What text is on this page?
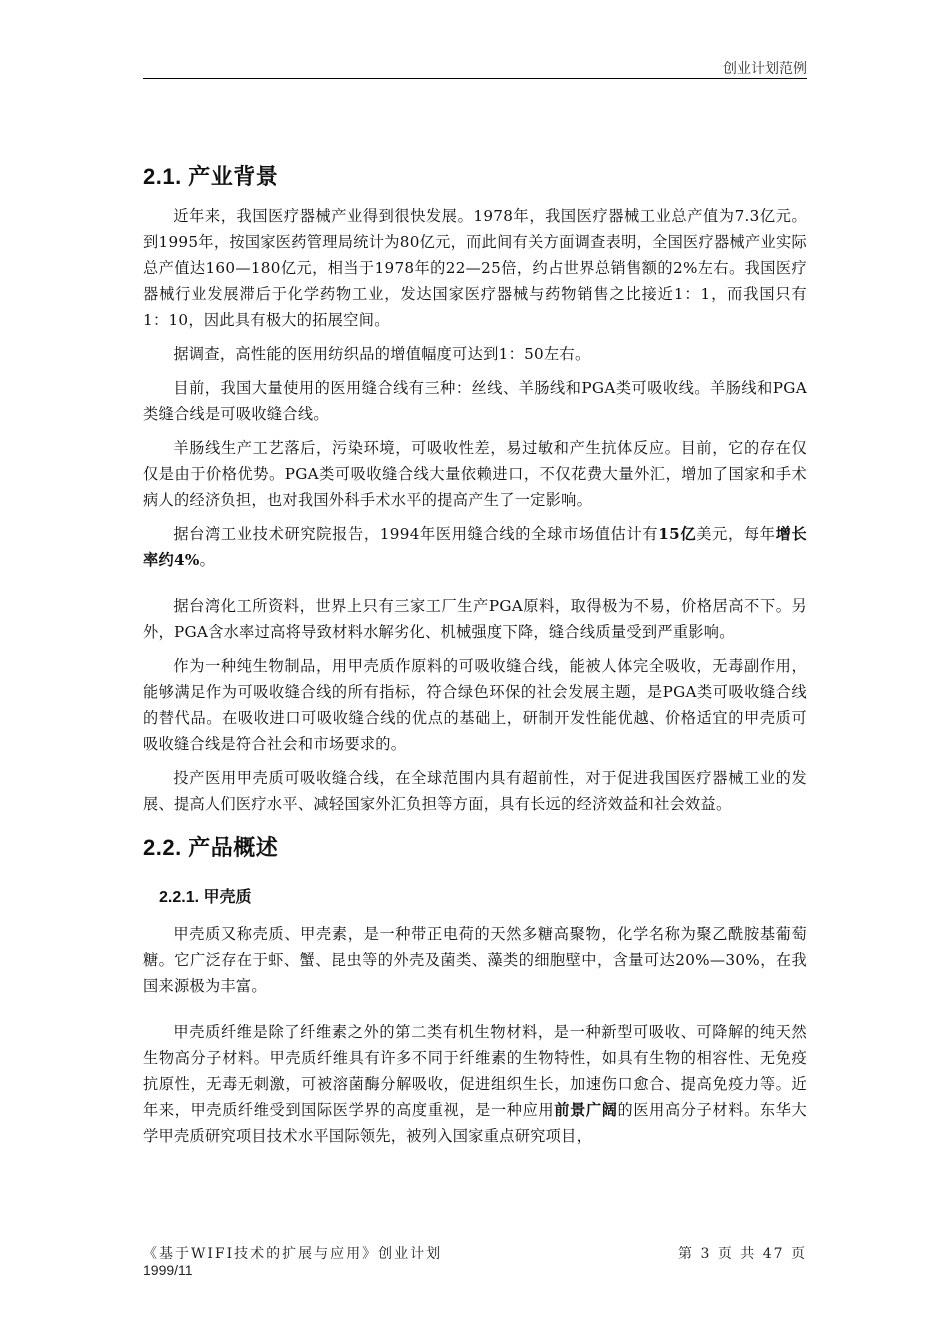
创业计划范例
2.1. 产业背景

近年来，我国医疗器械产业得到很快发展。1978年，我国医疗器械工业总产值为7.3亿元。到1995年，按国家医药管理局统计为80亿元，而此间有关方面调查表明，全国医疗器械产业实际总产值达160—180亿元，相当于1978年的22—25倍，约占世界总销售额的2%左右。我国医疗器械行业发展滞后于化学药物工业，发达国家医疗器械与药物销售之比接近1：1，而我国只有1：10，因此具有极大的拓展空间。

据调查，高性能的医用纺织品的增值幅度可达到1：50左右。

目前，我国大量使用的医用缝合线有三种：丝线、羊肠线和PGA类可吸收线。羊肠线和PGA类缝合线是可吸收缝合线。

羊肠线生产工艺落后，污染环境，可吸收性差，易过敏和产生抗体反应。目前，它的存在仅仅是由于价格优势。PGA类可吸收缝合线大量依赖进口，不仅花费大量外汇，增加了国家和手术病人的经济负担，也对我国外科手术水平的提高产生了一定影响。

据台湾工业技术研究院报告，1994年医用缝合线的全球市场值估计有15亿美元，每年增长率约4%。

据台湾化工所资料，世界上只有三家工厂生产PGA原料，取得极为不易，价格居高不下。另外，PGA含水率过高将导致材料水解劣化、机械强度下降，缝合线质量受到严重影响。

作为一种纯生物制品，用甲壳质作原料的可吸收缝合线，能被人体完全吸收，无毒副作用，能够满足作为可吸收缝合线的所有指标，符合绿色环保的社会发展主题，是PGA类可吸收缝合线的替代品。在吸收进口可吸收缝合线的优点的基础上，研制开发性能优越、价格适宜的甲壳质可吸收缝合线是符合社会和市场要求的。

投产医用甲壳质可吸收缝合线，在全球范围内具有超前性，对于促进我国医疗器械工业的发展、提高人们医疗水平、减轻国家外汇负担等方面，具有长远的经济效益和社会效益。

2.2. 产品概述
2.2.1. 甲壳质

甲壳质又称壳质、甲壳素，是一种带正电荷的天然多糖高聚物，化学名称为聚乙酰胺基葡萄糖。它广泛存在于虾、蟹、昆虫等的外壳及菌类、藻类的细胞壁中，含量可达20%—30%，在我国来源极为丰富。

甲壳质纤维是除了纤维素之外的第二类有机生物材料，是一种新型可吸收、可降解的纯天然生物高分子材料。甲壳质纤维具有许多不同于纤维素的生物特性，如具有生物的相容性、无免疫抗原性，无毒无刺激，可被溶菌酶分解吸收，促进组织生长，加速伤口愈合、提高免疫力等。近年来，甲壳质纤维受到国际医学界的高度重视，是一种应用前景广阔的医用高分子材料。东华大学甲壳质研究项目技术水平国际领先，被列入国家重点研究项目，

《基于WIFI技术的扩展与应用》创业计划	第 3 页 共 47 页
1999/11
